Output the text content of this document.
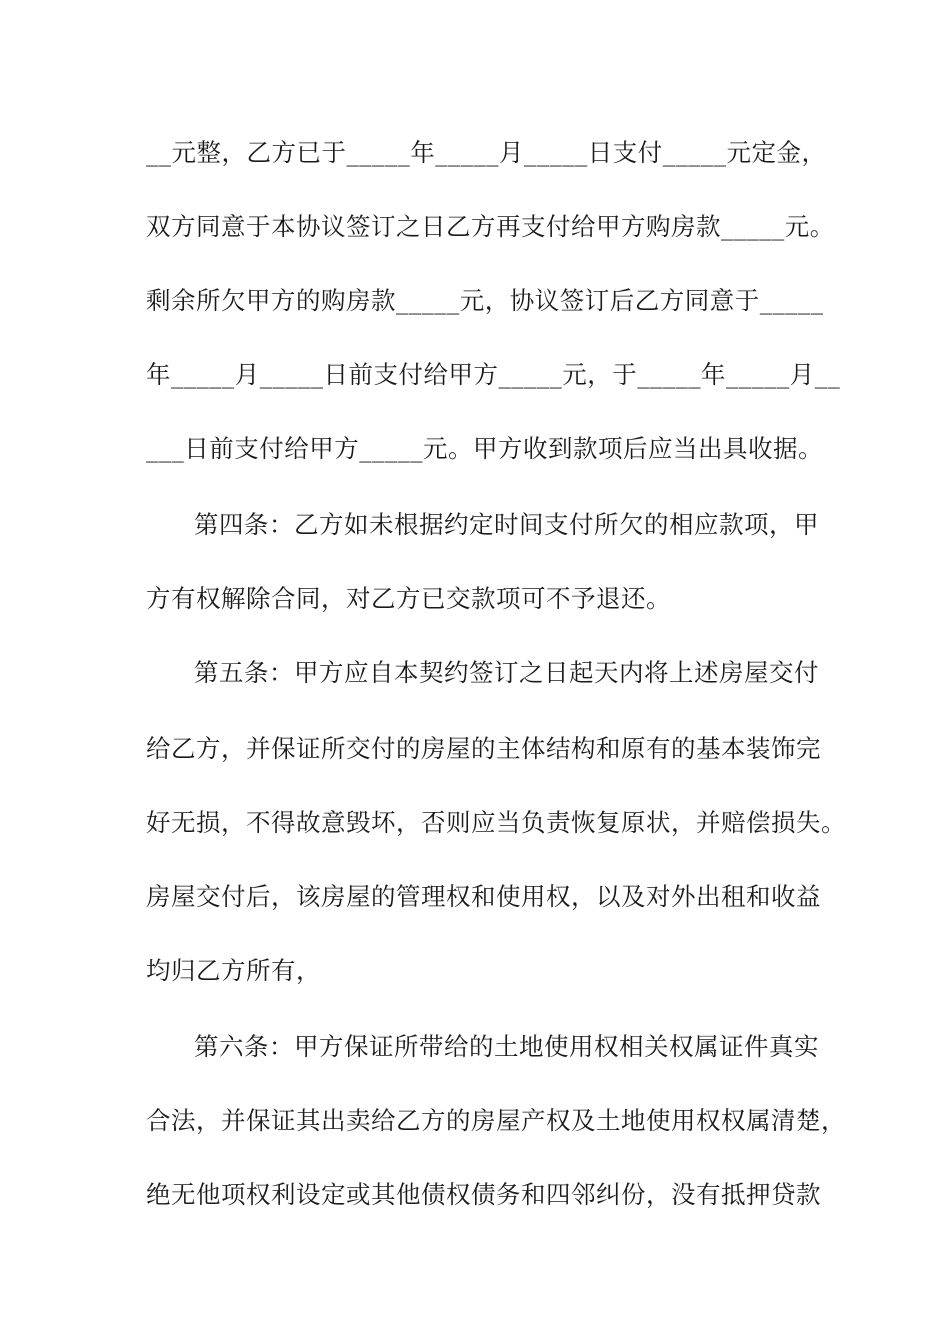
__元整，乙方已于_____年_____月_____日支付_____元定金，
双方同意于本协议签订之日乙方再支付给甲方购房款_____元。
剩余所欠甲方的购房款_____元，协议签订后乙方同意于_____
年_____月_____日前支付给甲方_____元，于_____年_____月__
___日前支付给甲方_____元。甲方收到款项后应当出具收据。
第四条：乙方如未根据约定时间支付所欠的相应款项，甲
方有权解除合同，对乙方已交款项可不予退还。
第五条：甲方应自本契约签订之日起天内将上述房屋交付
给乙方，并保证所交付的房屋的主体结构和原有的基本装饰完
好无损，不得故意毁坏，否则应当负责恢复原状，并赔偿损失。
房屋交付后，该房屋的管理权和使用权，以及对外出租和收益
均归乙方所有，
第六条：甲方保证所带给的土地使用权相关权属证件真实
合法，并保证其出卖给乙方的房屋产权及土地使用权权属清楚，
绝无他项权利设定或其他债权债务和四邻纠份，没有抵押贷款
